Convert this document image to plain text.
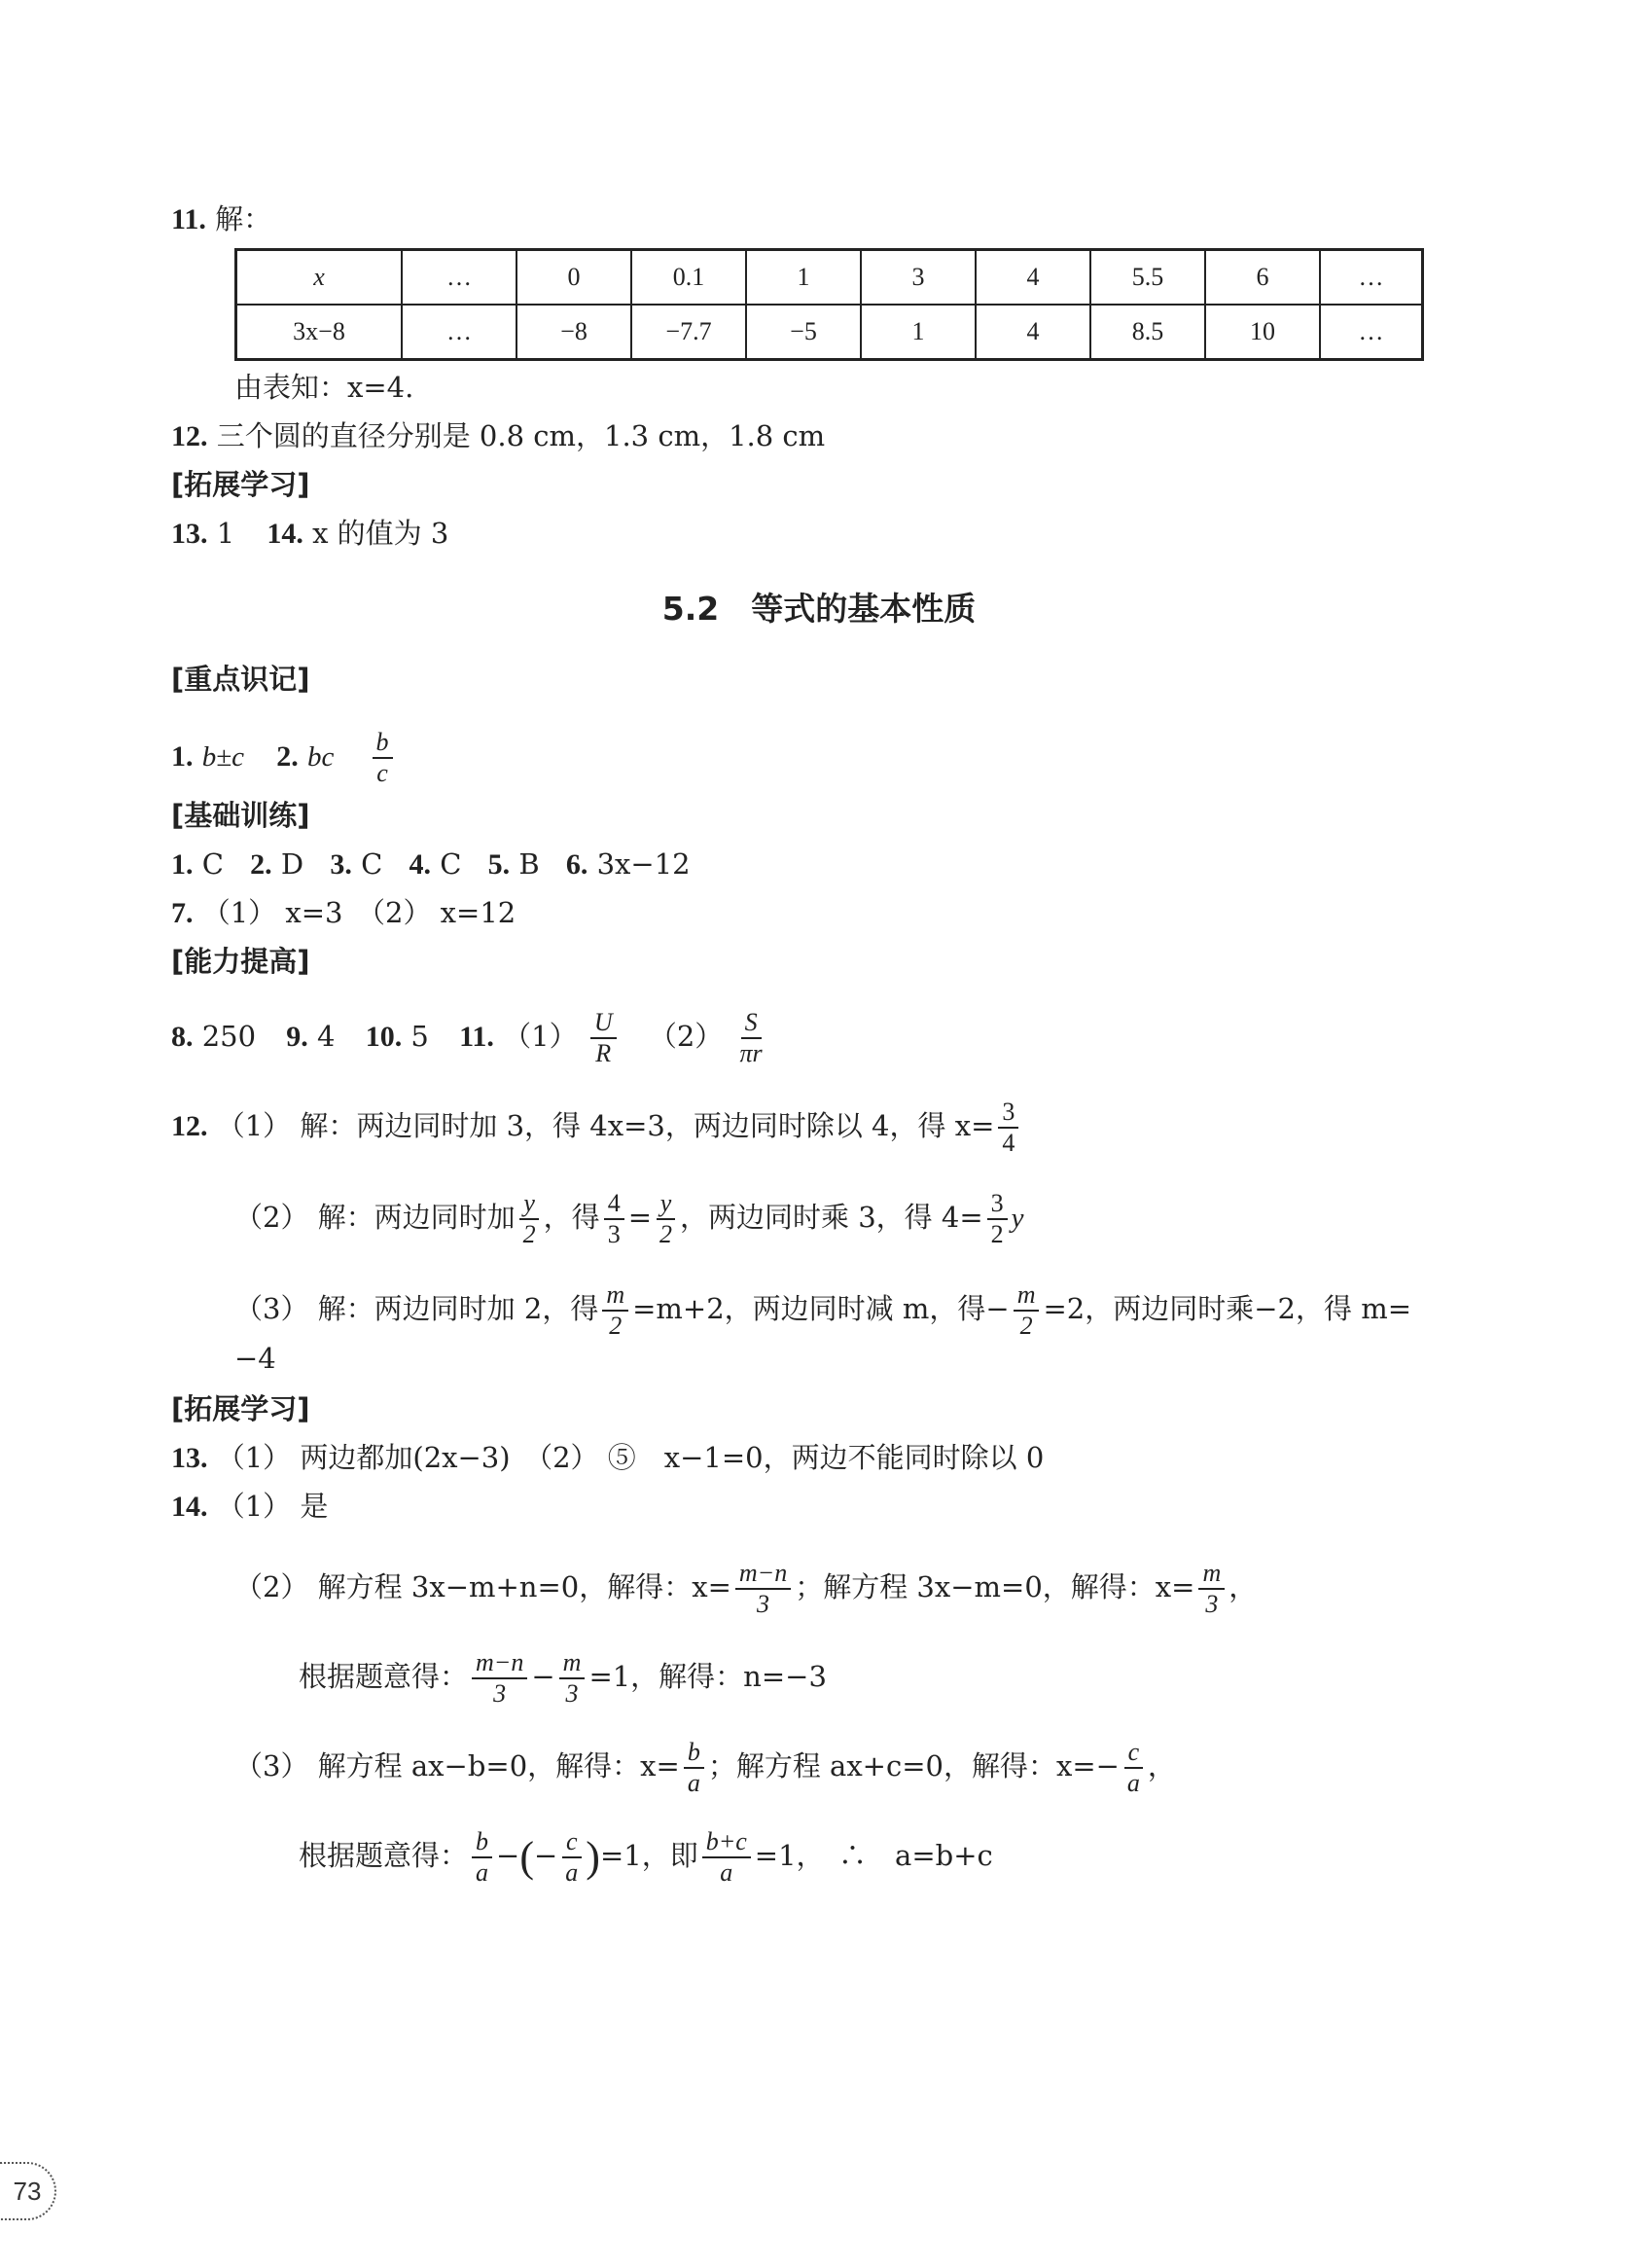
11. 解：
x	…	0	0.1	1	3	4	5.5	6	…
3x−8	…	−8	−7.7	−5	1	4	8.5	10	…
由表知：x=4.
12. 三个圆的直径分别是 0.8 cm，1.3 cm，1.8 cm
[拓展学习]
13. 1 14. x 的值为 3
5.2　等式的基本性质
[重点识记]
1. b±c 2. bc $\frac{b}{c}$
[基础训练]
1. C 2. D 3. C 4. C 5. B 6. 3x−12
7. （1） x=3　（2） x=12
[能力提高]
8. 250 9. 4 10. 5 11. $(1) \frac{U}{R} (2) \frac{S}{\pi r}$
12. （1） 解：两边同时加 3，得 4x=3，两边同时除以 4，得 $x= \frac{3}{4}$
（2） 解：两边同时加 $\frac{y}{2}$ ，得 $\frac{4}{3} = \frac{y}{2}$ ，两边同时乘 3，得 $4= \frac{3}{2}$ y
（3） 解：两边同时加 2，得 $\frac{m}{2} =m+2$，两边同时减 m，得− $\frac{m}{2} =2$，两边同时乘−2，得 m=
−4
[拓展学习]
13. （1） 两边都加(2x−3)　（2） ⑤　x−1=0，两边不能同时除以 0
14. （1） 是
（2） 解方程 3x−m+n=0，解得：$x= \frac{m-n}{3}$ ；解方程 3x−m=0，解得：$x= \frac{m}{3}$ ，
根据题意得： $\frac{m-n}{3} - \frac{m}{3} =1$，解得：n=−3
（3） 解方程 ax−b=0，解得：$x= \frac{b}{a}$ ；解方程 ax+c=0，解得：$x=- \frac{c}{a}$ ，
根据题意得： $\frac{b}{a}$ −(− $\frac{c}{a} )=1$，即 $\frac{b+c}{a} =1$，　∴　a=b+c
73
